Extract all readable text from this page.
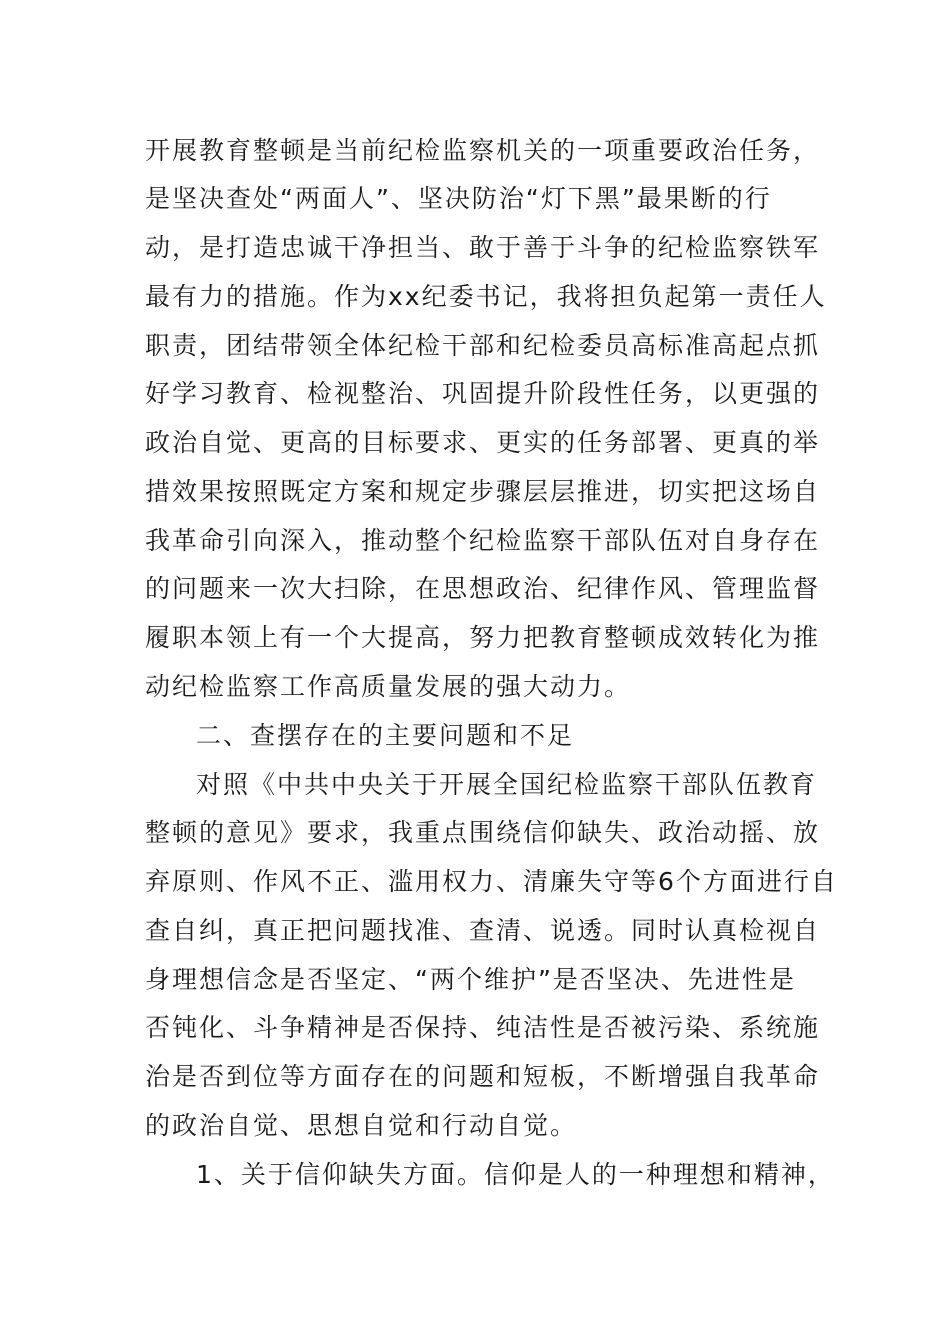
开展教育整顿是当前纪检监察机关的一项重要政治任务，
是坚决查处“两面人”、坚决防治“灯下黑”最果断的行
动，是打造忠诚干净担当、敢于善于斗争的纪检监察铁军
最有力的措施。作为xx纪委书记，我将担负起第一责任人
职责，团结带领全体纪检干部和纪检委员高标准高起点抓
好学习教育、检视整治、巩固提升阶段性任务，以更强的
政治自觉、更高的目标要求、更实的任务部署、更真的举
措效果按照既定方案和规定步骤层层推进，切实把这场自
我革命引向深入，推动整个纪检监察干部队伍对自身存在
的问题来一次大扫除，在思想政治、纪律作风、管理监督
履职本领上有一个大提高，努力把教育整顿成效转化为推
动纪检监察工作高质量发展的强大动力。
二、查摆存在的主要问题和不足
对照《中共中央关于开展全国纪检监察干部队伍教育
整顿的意见》要求，我重点围绕信仰缺失、政治动摇、放
弃原则、作风不正、滥用权力、清廉失守等6个方面进行自
查自纠，真正把问题找准、查清、说透。同时认真检视自
身理想信念是否坚定、“两个维护”是否坚决、先进性是
否钝化、斗争精神是否保持、纯洁性是否被污染、系统施
治是否到位等方面存在的问题和短板，不断增强自我革命
的政治自觉、思想自觉和行动自觉。
1、关于信仰缺失方面。信仰是人的一种理想和精神，
